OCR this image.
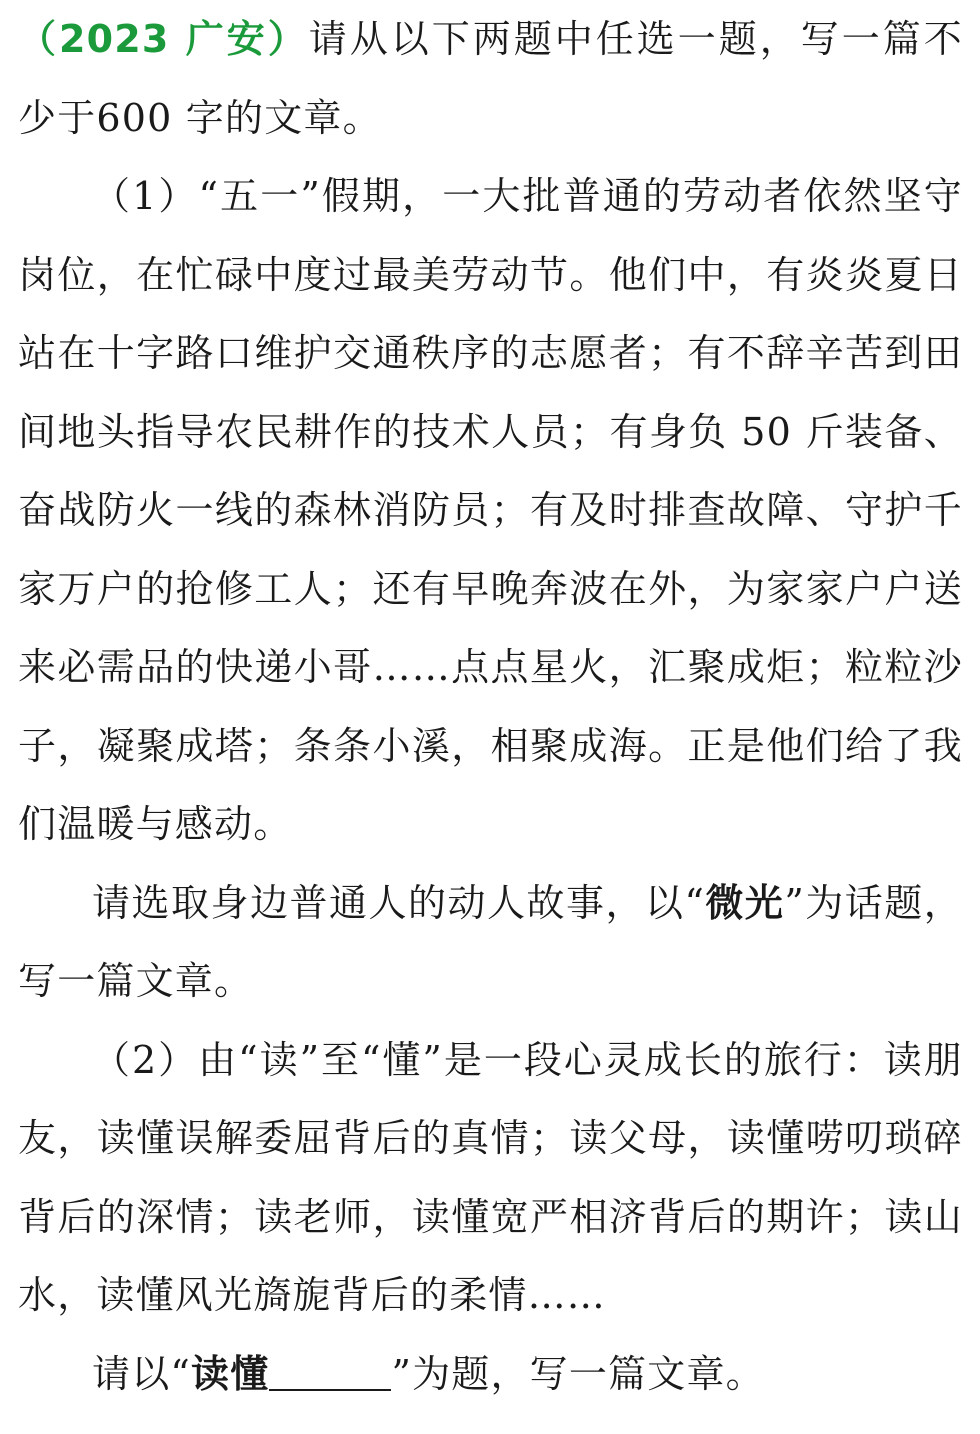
（2023 广安）请从以下两题中任选一题，写一篇不少于600 字的文章。

（1）“五一”假期，一大批普通的劳动者依然坚守岗位，在忙碌中度过最美劳动节。他们中，有炎炎夏日站在十字路口维护交通秩序的志愿者；有不辞辛苦到田间地头指导农民耕作的技术人员；有身负 50 斤装备、奋战防火一线的森林消防员；有及时排查故障、守护千家万户的抢修工人；还有早晚奔波在外，为家家户户送来必需品的快递小哥……点点星火，汇聚成炬；粒粒沙子，凝聚成塔；条条小溪，相聚成海。正是他们给了我们温暖与感动。

请选取身边普通人的动人故事，以“微光”为话题，写一篇文章。

（2）由“读”至“懂”是一段心灵成长的旅行：读朋友，读懂误解委屈背后的真情；读父母，读懂唠叨琐碎背后的深情；读老师，读懂宽严相济背后的期许；读山水，读懂风光旖旎背后的柔情……

请以“读懂	”为题，写一篇文章。
